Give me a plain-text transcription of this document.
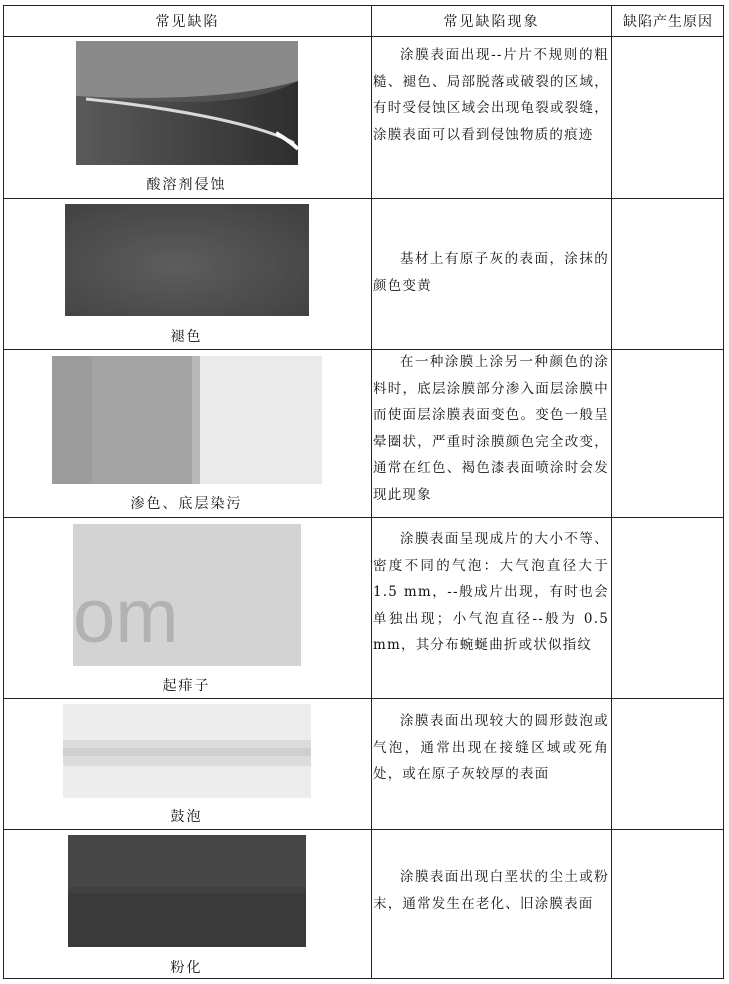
常见缺陷	常见缺陷现象	缺陷产生原因
酸溶剂侵蚀
涂膜表面出现--片片不规则的粗糙、褪色、局部脱落或破裂的区域，有时受侵蚀区域会出现龟裂或裂缝，涂膜表面可以看到侵蚀物质的痕迹
褪色
基材上有原子灰的表面，涂抹的颜色变黄
渗色、底层染污
在一种涂膜上涂另一种颜色的涂料时，底层涂膜部分渗入面层涂膜中而使面层涂膜表面变色。变色一般呈晕圈状，严重时涂膜颜色完全改变，通常在红色、褐色漆表面喷涂时会发现此现象
om
起痱子
涂膜表面呈现成片的大小不等、密度不同的气泡：大气泡直径大于 1.5 mm，--般成片出现，有时也会单独出现；小气泡直径--般为 0.5 mm，其分布蜿蜒曲折或状似指纹
鼓泡
涂膜表面出现较大的圆形鼓泡或气泡，通常出现在接缝区域或死角处，或在原子灰较厚的表面
粉化
涂膜表面出现白垩状的尘土或粉末，通常发生在老化、旧涂膜表面
